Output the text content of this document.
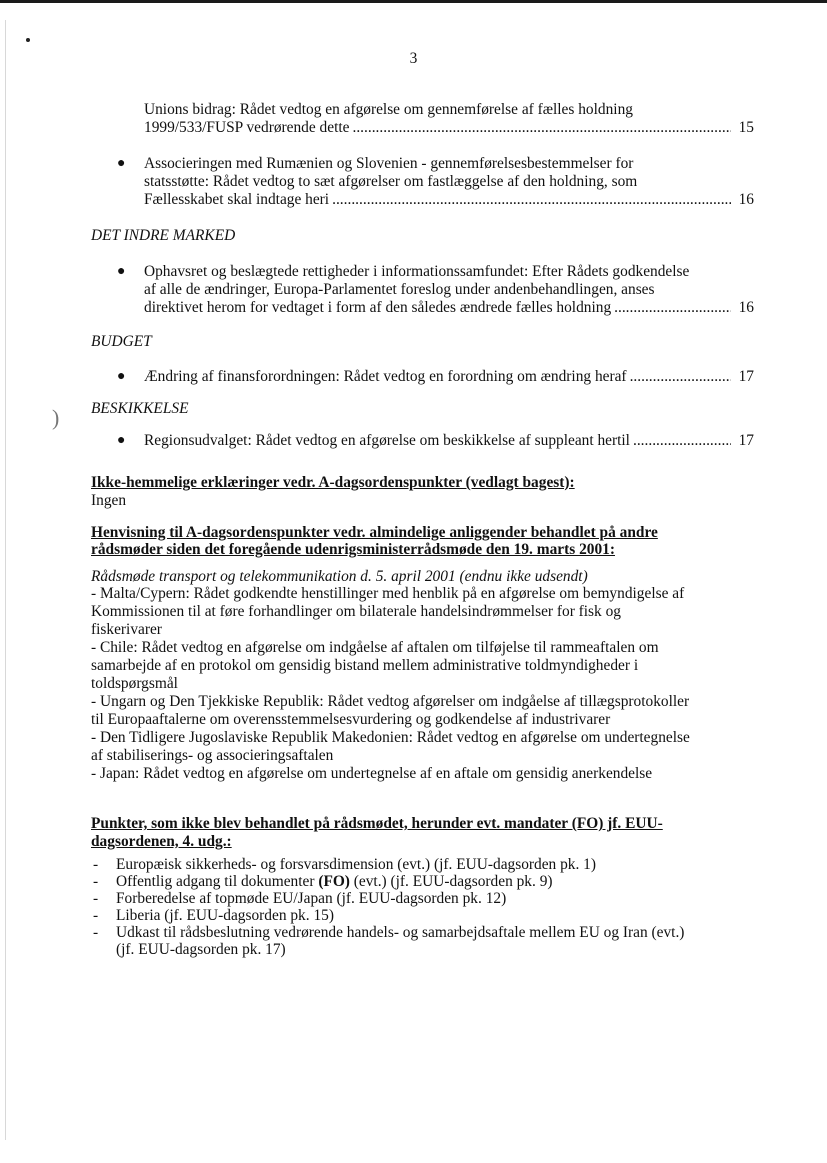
)
3
Unions bidrag: Rådet vedtog en afgørelse om gennemførelse af fælles holdning
1999/533/FUSP vedrørende dette .....	15
● Associeringen med Rumænien og Slovenien - gennemførelsesbestemmelser for
statsstøtte: Rådet vedtog to sæt afgørelser om fastlæggelse af den holdning, som
Fællesskabet skal indtage heri .....	16
DET INDRE MARKED
● Ophavsret og beslægtede rettigheder i informationssamfundet: Efter Rådets godkendelse
af alle de ændringer, Europa-Parlamentet foreslog under andenbehandlingen, anses
direktivet herom for vedtaget i form af den således ændrede fælles holdning .....	16
BUDGET
● Ændring af finansforordningen: Rådet vedtog en forordning om ændring heraf .....	17
BESKIKKELSE
● Regionsudvalget: Rådet vedtog en afgørelse om beskikkelse af suppleant hertil .....	17
Ikke-hemmelige erklæringer vedr. A-dagsordenspunkter (vedlagt bagest):
Ingen
Henvisning til A-dagsordenspunkter vedr. almindelige anliggender behandlet på andre
rådsmøder siden det foregående udenrigsministerrådsmøde den 19. marts 2001:
Rådsmøde transport og telekommunikation d. 5. april 2001 (endnu ikke udsendt)
- Malta/Cypern: Rådet godkendte henstillinger med henblik på en afgørelse om bemyndigelse af
Kommissionen til at føre forhandlinger om bilaterale handelsindrømmelser for fisk og
fiskerivarer
- Chile: Rådet vedtog en afgørelse om indgåelse af aftalen om tilføjelse til rammeaftalen om
samarbejde af en protokol om gensidig bistand mellem administrative toldmyndigheder i
toldspørgsmål
- Ungarn og Den Tjekkiske Republik: Rådet vedtog afgørelser om indgåelse af tillægsprotokoller
til Europaaftalerne om overensstemmelsesvurdering og godkendelse af industrivarer
- Den Tidligere Jugoslaviske Republik Makedonien: Rådet vedtog en afgørelse om undertegnelse
af stabiliserings- og associeringsaftalen
- Japan: Rådet vedtog en afgørelse om undertegnelse af en aftale om gensidig anerkendelse
Punkter, som ikke blev behandlet på rådsmødet, herunder evt. mandater (FO) jf. EUU-
dagsordenen, 4. udg.:
- Europæisk sikkerheds- og forsvarsdimension (evt.) (jf. EUU-dagsorden pk. 1)
- Offentlig adgang til dokumenter (FO) (evt.) (jf. EUU-dagsorden pk. 9)
- Forberedelse af topmøde EU/Japan (jf. EUU-dagsorden pk. 12)
- Liberia (jf. EUU-dagsorden pk. 15)
- Udkast til rådsbeslutning vedrørende handels- og samarbejdsaftale mellem EU og Iran (evt.)
(jf. EUU-dagsorden pk. 17)
